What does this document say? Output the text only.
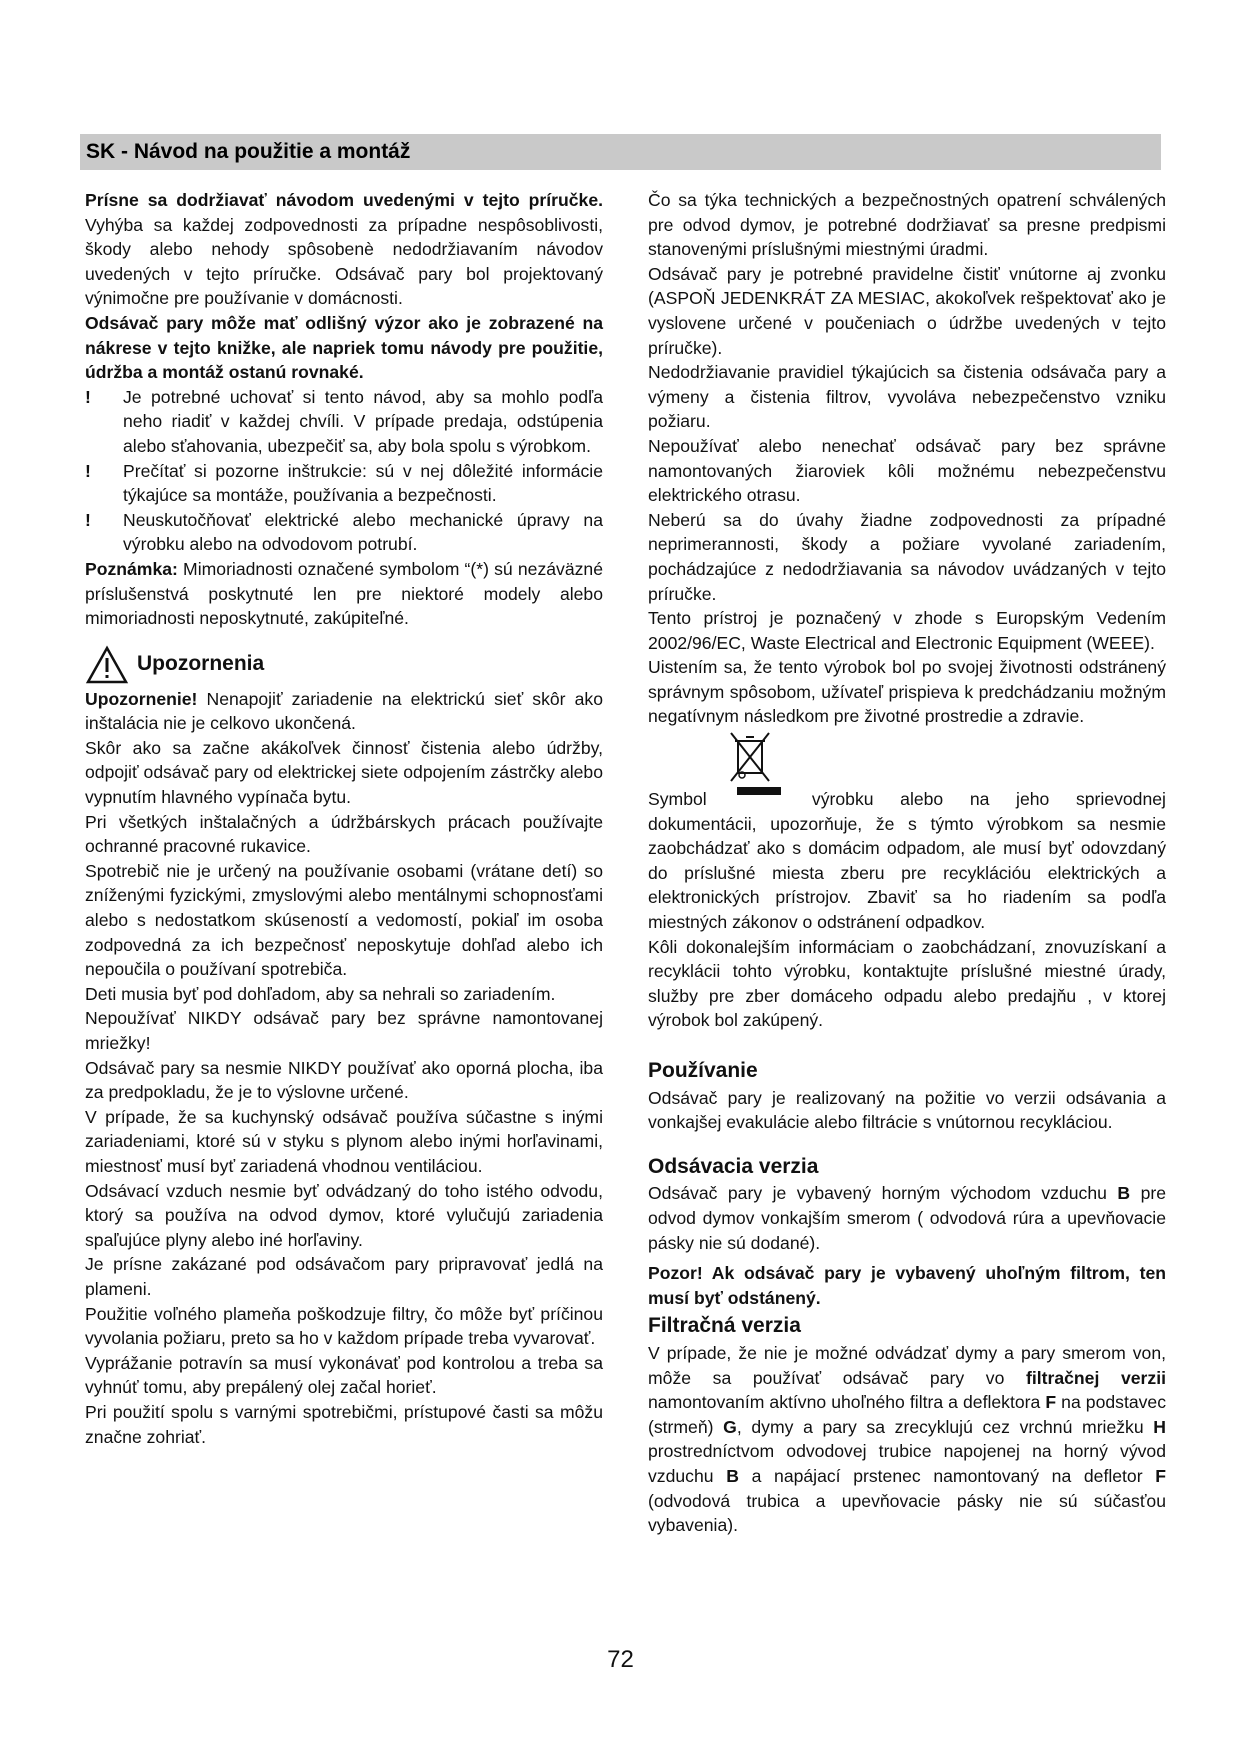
SK - Návod na použitie a montáž

Prísne sa dodržiavať návodom uvedenými v tejto príručke. Vyhýba sa každej zodpovednosti za prípadne nespôsoblivosti, škody alebo nehody spôsobenè nedodržiavaním návodov uvedených v tejto príručke. Odsávač pary bol projektovaný výnimočne pre používanie v domácnosti.

Odsávač pary môže mať odlišný výzor ako je zobrazené na nákrese v tejto knižke, ale napriek tomu návody pre použitie, údržba a montáž ostanú rovnaké.

! Je potrebné uchovať si tento návod, aby sa mohlo podľa neho riadiť v každej chvíli. V prípade predaja, odstúpenia alebo sťahovania, ubezpečiť sa, aby bola spolu s výrobkom.
! Prečítať si pozorne inštrukcie: sú v nej dôležité informácie týkajúce sa montáže, používania a bezpečnosti.
! Neuskutočňovať elektrické alebo mechanické úpravy na výrobku alebo na odvodovom potrubí.

Poznámka: Mimoriadnosti označené symbolom “(*) sú nezáväzné príslušenstvá poskytnuté len pre niektoré modely alebo mimoriadnosti neposkytnuté, zakúpiteľné.

Upozornenia

Upozornenie! Nenapojiť zariadenie na elektrickú sieť skôr ako inštalácia nie je celkovo ukončená.

Skôr ako sa začne akákoľvek činnosť čistenia alebo údržby, odpojiť odsávač pary od elektrickej siete odpojením zástrčky alebo vypnutím hlavného vypínača bytu.

Pri všetkých inštalačných a údržbárskych prácach používajte ochranné pracovné rukavice.

Spotrebič nie je určený na používanie osobami (vrátane detí) so zníženými fyzickými, zmyslovými alebo mentálnymi schopnosťami alebo s nedostatkom skúseností a vedomostí, pokiaľ im osoba zodpovedná za ich bezpečnosť neposkytuje dohľad alebo ich nepoučila o používaní spotrebiča.

Deti musia byť pod dohľadom, aby sa nehrali so zariadením.

Nepoužívať NIKDY odsávač pary bez správne namontovanej mriežky!

Odsávač pary sa nesmie NIKDY používať ako oporná plocha, iba za predpokladu, že je to výslovne určené.

V prípade, že sa kuchynský odsávač používa súčastne s inými zariadeniami, ktoré sú v styku s plynom alebo inými horľavinami, miestnosť musí byť zariadená vhodnou ventiláciou.

Odsávací vzduch nesmie byť odvádzaný do toho istého odvodu, ktorý sa používa na odvod dymov, ktoré vylučujú zariadenia spaľujúce plyny alebo iné horľaviny.

Je prísne zakázané pod odsávačom pary pripravovať jedlá na plameni.

Použitie voľného plameňa poškodzuje filtry, čo môže byť príčinou vyvolania požiaru, preto sa ho v každom prípade treba vyvarovať.

Vyprážanie potravín sa musí vykonávať pod kontrolou a treba sa vyhnúť tomu, aby prepálený olej začal horieť.

Pri použití spolu s varnými spotrebičmi, prístupové časti sa môžu značne zohriať.

Čo sa týka technických a bezpečnostných opatrení schválených pre odvod dymov, je potrebné dodržiavať sa presne predpismi stanovenými príslušnými miestnými úradmi.

Odsávač pary je potrebné pravidelne čistiť vnútorne aj zvonku (ASPOŇ JEDENKRÁT ZA MESIAC, akokoľvek rešpektovať ako je vyslovene určené v poučeniach o údržbe uvedených v tejto príručke).

Nedodržiavanie pravidiel týkajúcich sa čistenia odsávača pary a výmeny a čistenia filtrov, vyvoláva nebezpečenstvo vzniku požiaru.

Nepoužívať alebo nenechať odsávač pary bez správne namontovaných žiaroviek kôli možnému nebezpečenstvu elektrického otrasu.

Neberú sa do úvahy žiadne zodpovednosti za prípadné neprimerannosti, škody a požiare vyvolané zariadením, pochádzajúce z nedodržiavania sa návodov uvádzaných v tejto príručke.

Tento prístroj je poznačený v zhode s Europským Vedením 2002/96/EC, Waste Electrical and Electronic Equipment (WEEE).

Uistením sa, že tento výrobok bol po svojej životnosti odstránený správnym spôsobom, užívateľ prispieva k predchádzaniu možným negatívnym následkom pre životné prostredie a zdravie.

Symbol	výrobku alebo na jeho sprievodnej

dokumentácii, upozorňuje, že s týmto výrobkom sa nesmie zaobchádzať ako s domácim odpadom, ale musí byť odovzdaný do príslušné miesta zberu pre recyklációu elektrických a elektronických prístrojov. Zbaviť sa ho riadením sa podľa miestných zákonov o odstránení odpadkov.

Kôli dokonalejším informáciam o zaobchádzaní, znovuzískaní a recyklácii tohto výrobku, kontaktujte príslušné miestné úrady, služby pre zber domáceho odpadu alebo predajňu , v ktorej výrobok bol zakúpený.

Používanie

Odsávač pary je realizovaný na požitie vo verzii odsávania a vonkajšej evakulácie alebo filtrácie s vnútornou recykláciou.

Odsávacia verzia

Odsávač pary je vybavený horným východom vzduchu B pre odvod dymov vonkajším smerom ( odvodová rúra a upevňovacie pásky nie sú dodané).

Pozor! Ak odsávač pary je vybavený uhoľným filtrom, ten musí byť odstánený.

Filtračná verzia

V prípade, že nie je možné odvádzať dymy a pary smerom von, môže sa používať odsávač pary vo filtračnej verzii namontovaním aktívno uhoľného filtra a deflektora F na podstavec (strmeň) G, dymy a pary sa zrecyklujú cez vrchnú mriežku H prostredníctvom odvodovej trubice napojenej na horný vývod vzduchu B a napájací prstenec namontovaný na defletor F (odvodová trubica a upevňovacie pásky nie sú súčasťou vybavenia).

72
